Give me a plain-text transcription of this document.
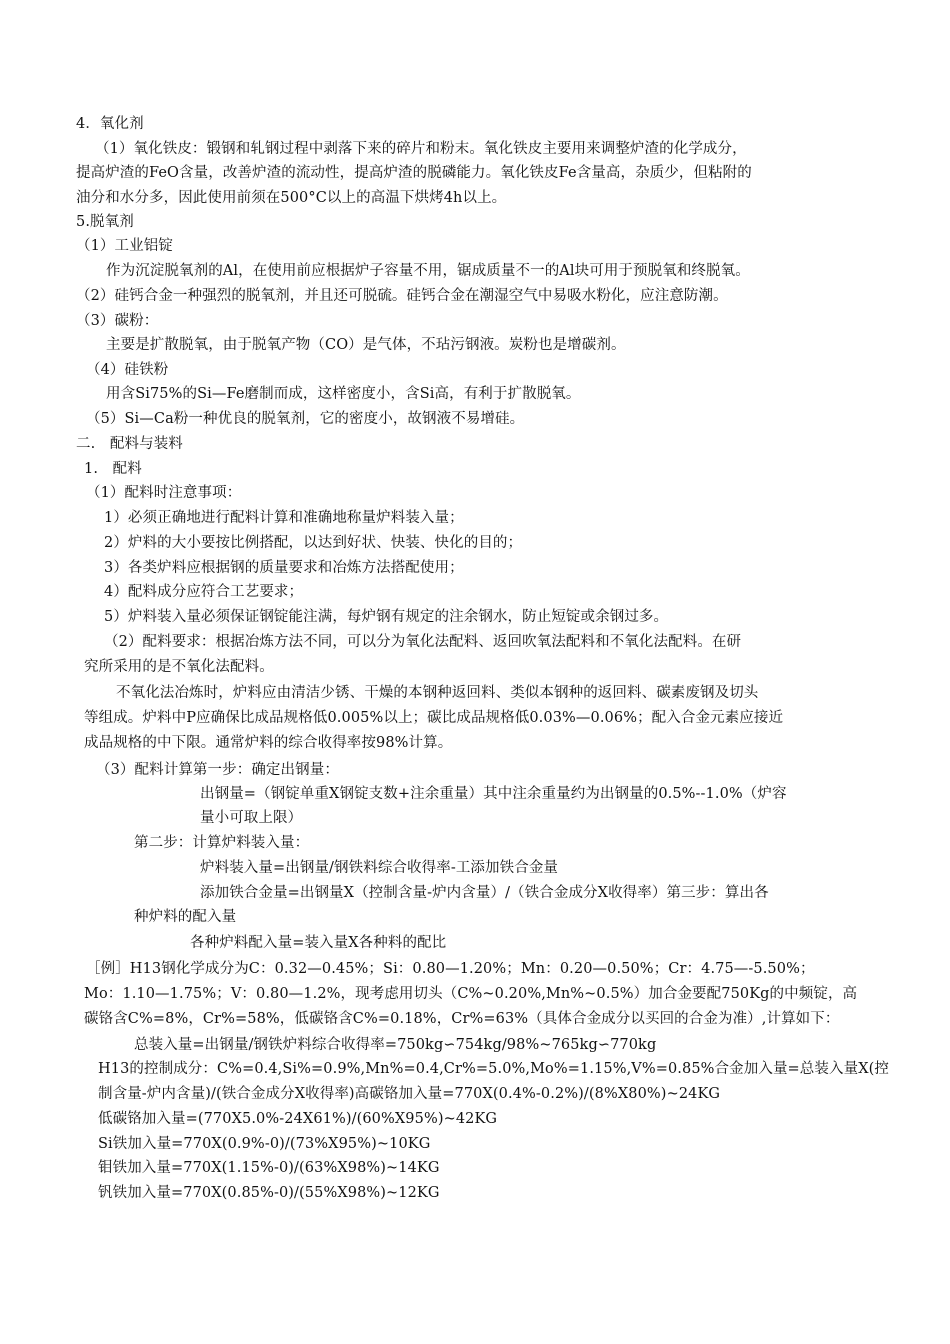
4．氧化剂
（1）氧化铁皮：锻钢和轧钢过程中剥落下来的碎片和粉末。氧化铁皮主要用来调整炉渣的化学成分，
提高炉渣的FeO含量，改善炉渣的流动性，提高炉渣的脱磷能力。氧化铁皮Fe含量高，杂质少，但粘附的
油分和水分多，因此使用前须在500°C以上的高温下烘烤4h以上。
5.脱氧剂
（1）工业铝锭
作为沉淀脱氧剂的Al，在使用前应根据炉子容量不用，锯成质量不一的Al块可用于预脱氧和终脱氧。
（2）硅钙合金一种强烈的脱氧剂，并且还可脱硫。硅钙合金在潮湿空气中易吸水粉化，应注意防潮。
（3）碳粉：
主要是扩散脱氧，由于脱氧产物（CO）是气体，不玷污钢液。炭粉也是增碳剂。
（4）硅铁粉
用含Si75%的Si—Fe磨制而成，这样密度小，含Si高，有利于扩散脱氧。
（5）Si—Ca粉一种优良的脱氧剂，它的密度小，故钢液不易增硅。
二.　配料与装料
1.　配料
（1）配料时注意事项：
1）必须正确地进行配料计算和准确地称量炉料装入量；
2）炉料的大小要按比例搭配，以达到好状、快装、快化的目的；
3）各类炉料应根据钢的质量要求和冶炼方法搭配使用；
4）配料成分应符合工艺要求；
5）炉料装入量必须保证钢锭能注满，每炉钢有规定的注余钢水，防止短锭或余钢过多。
（2）配料要求：根据冶炼方法不同，可以分为氧化法配料、返回吹氧法配料和不氧化法配料。在研
究所采用的是不氧化法配料。
不氧化法冶炼时，炉料应由清洁少锈、干燥的本钢种返回料、类似本钢种的返回料、碳素废钢及切头
等组成。炉料中P应确保比成品规格低0.005%以上；碳比成品规格低0.03%—0.06%；配入合金元素应接近
成品规格的中下限。通常炉料的综合收得率按98%计算。
（3）配料计算第一步：确定出钢量：
出钢量=（钢锭单重X钢锭支数+注余重量）其中注余重量约为出钢量的0.5%--1.0%（炉容
量小可取上限）
第二步：计算炉料装入量：
炉料装入量=出钢量/钢铁料综合收得率-工添加铁合金量
添加铁合金量=出钢量X（控制含量-炉内含量）/（铁合金成分X收得率）第三步：算出各
种炉料的配入量
各种炉料配入量=装入量X各种料的配比
［例］H13钢化学成分为C：0.32—0.45%；Si：0.80—1.20%；Mn：0.20—0.50%；Cr：4.75—-5.50%；
Mo：1.10—1.75%；V：0.80—1.2%，现考虑用切头（C%~0.20%,Mn%~0.5%）加合金要配750Kg的中频锭，高
碳铬含C%=8%，Cr%=58%，低碳铬含C%=0.18%，Cr%=63%（具体合金成分以买回的合金为准）,计算如下：
总装入量=出钢量/钢铁炉料综合收得率=750kg∽754kg/98%~765kg∽770kg
H13的控制成分：C%=0.4,Si%=0.9%,Mn%=0.4,Cr%=5.0%,Mo%=1.15%,V%=0.85%合金加入量=总装入量X(控
制含量-炉内含量)/(铁合金成分X收得率)高碳铬加入量=770X(0.4%-0.2%)/(8%X80%)~24KG
低碳铬加入量=(770X5.0%-24X61%)/(60%X95%)~42KG
Si铁加入量=770X(0.9%-0)/(73%X95%)~10KG
钼铁加入量=770X(1.15%-0)/(63%X98%)~14KG
钒铁加入量=770X(0.85%-0)/(55%X98%)~12KG
